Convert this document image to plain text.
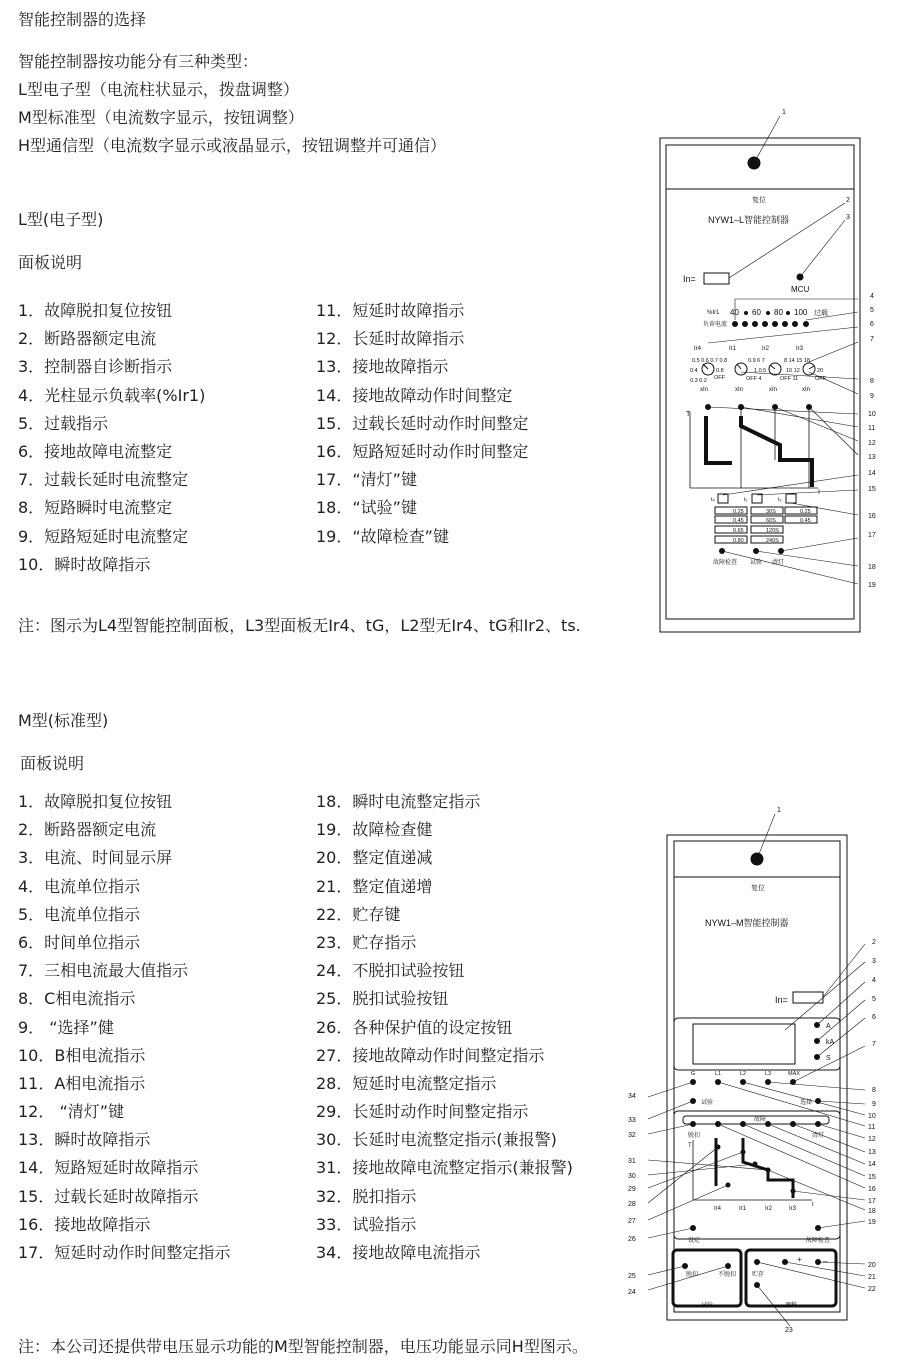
智能控制器的选择
智能控制器按功能分有三种类型：
L型电子型（电流柱状显示，拨盘调整）
M型标准型（电流数字显示，按钮调整）
H型通信型（电流数字显示或液晶显示，按钮调整并可通信）
L型(电子型)
面板说明
1．故障脱扣复位按钮
2．断路器额定电流
3．控制器自诊断指示
4．光柱显示负载率(%Ir1)
5．过载指示
6．接地故障电流整定
7．过载长延时电流整定
8．短路瞬时电流整定
9．短路短延时电流整定
10．瞬时故障指示
11．短延时故障指示
12．长延时故障指示
13．接地故障指示
14．接地故障动作时间整定
15．过载长延时动作时间整定
16．短路短延时动作时间整定
17．“清灯”键
18．“试验”键
19．“故障检查”键
注：图示为L4型智能控制面板，L3型面板无Ir4、tG，L2型无Ir4、tG和Ir2、ts.
M型(标准型)
面板说明
1．故障脱扣复位按钮
2．断路器额定电流
3．电流、时间显示屏
4．电流单位指示
5．电流单位指示
6．时间单位指示
7．三相电流最大值指示
8．C相电流指示
9． “选择”健
10．B相电流指示
11．A相电流指示
12． “清灯”键
13．瞬时故障指示
14．短路短延时故障指示
15．过载长延时故障指示
16．接地故障指示
17．短延时动作时间整定指示
18．瞬时电流整定指示
19．故障检查健
20．整定值递减
21．整定值递增
22．贮存键
23．贮存指示
24．不脱扣试验按钮
25．脱扣试验按钮
26．各种保护值的设定按钮
27．接地故障动作时间整定指示
28．短延时电流整定指示
29．长延时动作时间整定指示
30．长延时电流整定指示(兼报警)
31．接地故障电流整定指示(兼报警)
32．脱扣指示
33．试验指示
34．接地故障电流指示
注：本公司还提供带电压显示功能的M型智能控制器，电压功能显示同H型图示。
复位
NYW1–L智能控制器
In=
MCU
%Ir1
负荷电流
40 60 80 100 过载
Ir4	Ir1	Ir2	Ir3
0.5 0.6 0.7 0.8
0.4
0.3 0.2
0.8
OFF
0.9 6 7
1 0.5
OFF 4
8 14 15 18
10 12
OFF 11
20
OFF
xIn	xIn	xIn	xIn
T
I
t₄	t₁	t₂
0.25
0.45
0.65
0.80
30S
60S
120S
240S
0.25
0.45
故障检查 试验 清灯
1
2
3
4
5
6
7
8
9
10
11
12
13
14
15
16
17
18
19
复位
NYW1–M智能控制器
In=
A
kA
S
G	L1	L2	L3	MAX
试验	选择
故障
脱扣	清灯
T
I
Ir4	Ir1	Ir2	Ir3
设定	故障检查
脱扣	不脱扣
+	–
贮存
试验	调整
1
2
3
4
5
6
7
8
9
10
11
12
13
14
15
16
17
18
19
20
21
22
23
24
25
26
27
28
29
30
31
32
33
34
